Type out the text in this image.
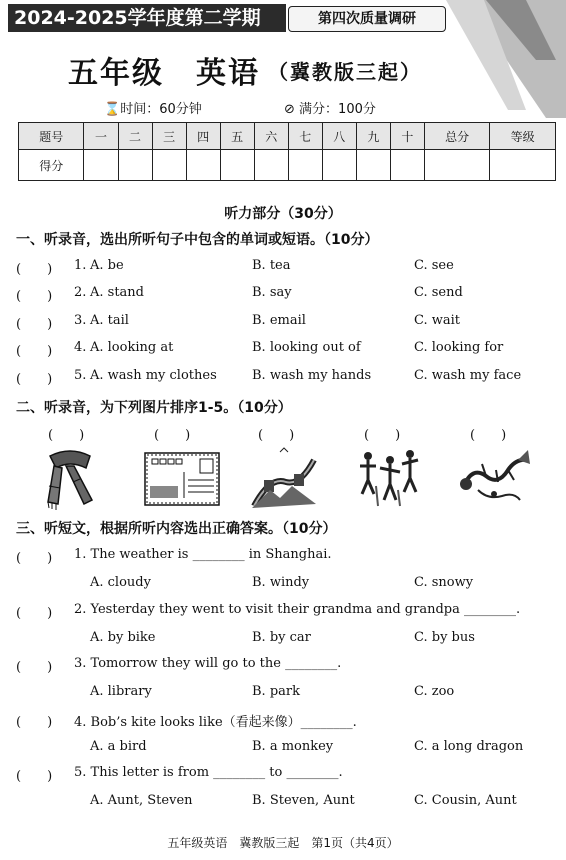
2024-2025学年度第二学期	第四次质量调研
五年级　英语 （冀教版三起）
⌛时间：60分钟	⊘ 满分：100分
题号	一	二	三	四	五	六	七	八	九	十	总分	等级
得分												
听力部分（30分）
一、听录音，选出所听句子中包含的单词或短语。（10分）
(　　) 1. A. be	B. tea	C. see
(　　) 2. A. stand	B. say	C. send
(　　) 3. A. tail	B. email	C. wait
(　　) 4. A. looking at	B. looking out of	C. looking for
(　　) 5. A. wash my clothes	B. wash my hands	C. wash my face
二、听录音，为下列图片排序1-5。（10分）
(　　)	(　　)	(　　)	(　　)	(　　)
三、听短文，根据所听内容选出正确答案。（10分）
(　　) 1. The weather is ________ in Shanghai.
A. cloudy	B. windy	C. snowy
(　　) 2. Yesterday they went to visit their grandma and grandpa ________.
A. by bike	B. by car	C. by bus
(　　) 3. Tomorrow they will go to the ________.
A. library	B. park	C. zoo
(　　) 4. Bob’s kite looks like（看起来像）________.
A. a bird	B. a monkey	C. a long dragon
(　　) 5. This letter is from ________ to ________.
A. Aunt, Steven	B. Steven, Aunt	C. Cousin, Aunt
五年级英语　冀教版三起　第1页（共4页）
